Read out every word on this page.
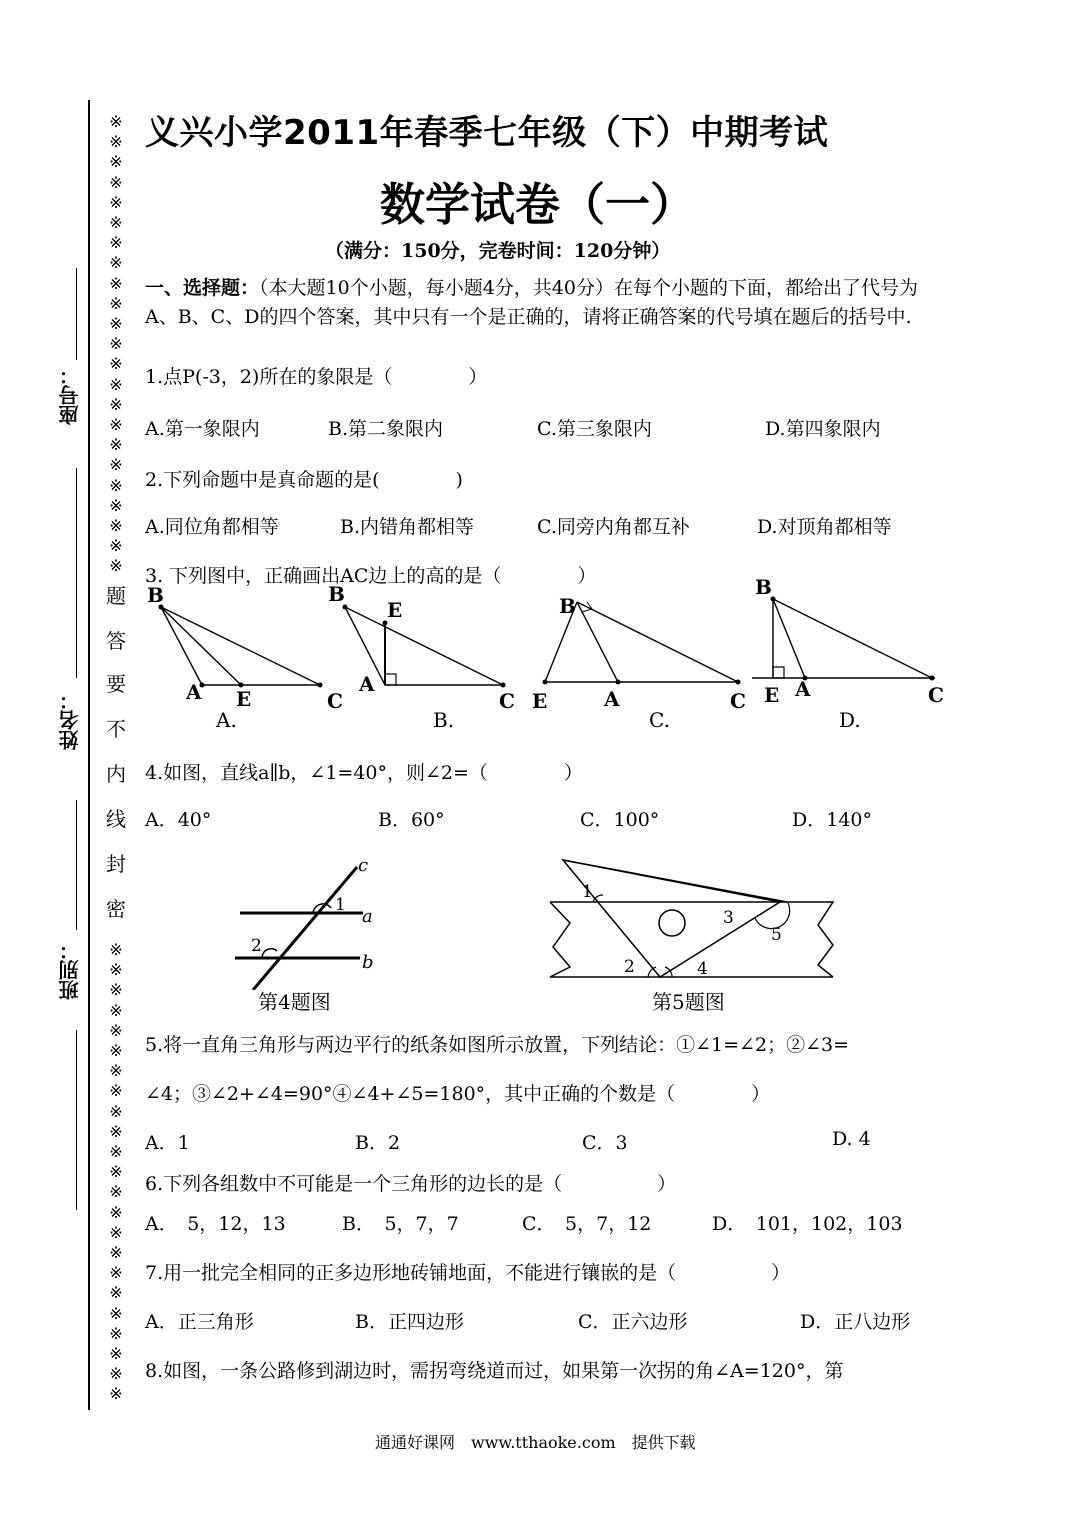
※
※
※
※
※
※
※
※
※
※
※
※
※
※
※
※
※
※
※
※
※
※
※
※
※
※
※
※
※
※
※
※
※
※
※
※
※
※
※
※
※
※
※
※
※
※
题
答
要
不
内
线
封
密
座号：
姓名：
班别：
义兴小学2011年春季七年级（下）中期考试
数学试卷（一）
（满分：150分，完卷时间：120分钟）
一、选择题：（本大题10个小题，每小题4分，共40分）在每个小题的下面，都给出了代号为A、B、C、D的四个答案，其中只有一个是正确的，请将正确答案的代号填在题后的括号中.
1.点P(-3，2)所在的象限是（　　　　）
A.第一象限内	B.第二象限内	C.第三象限内	D.第四象限内
2.下列命题中是真命题的是(　　　　)
A.同位角都相等	B.内错角都相等	C.同旁内角都互补	D.对顶角都相等
3. 下列图中，正确画出AC边上的高的是（　　　　）
B
A E	C
A.
B
E
A
C
B.
B
E	A	C
C.
B
E A	C
D.
4.如图，直线a∥b，∠1=40°，则∠2=（　　　　）
A．40°	B．60°	C．100°	D．140°
c
a
b
1
2
第4题图
1
2
3
4
5
第5题图
5.将一直角三角形与两边平行的纸条如图所示放置，下列结论：①∠1=∠2；②∠3=
∠4；③∠2+∠4=90°④∠4+∠5=180°，其中正确的个数是（　　　　）
A．1	B．2	C．3	D. 4
6.下列各组数中不可能是一个三角形的边长的是（　　　　　）
A．　5，12，13	B．　5，7，7	C．　5，7，12	D．　101，102，103
7.用一批完全相同的正多边形地砖铺地面，不能进行镶嵌的是（　　　　　）
A．正三角形	B．正四边形	C．正六边形	D．正八边形
8.如图，一条公路修到湖边时，需拐弯绕道而过，如果第一次拐的角∠A=120°，第
通通好课网　www.tthaoke.com　提供下载
